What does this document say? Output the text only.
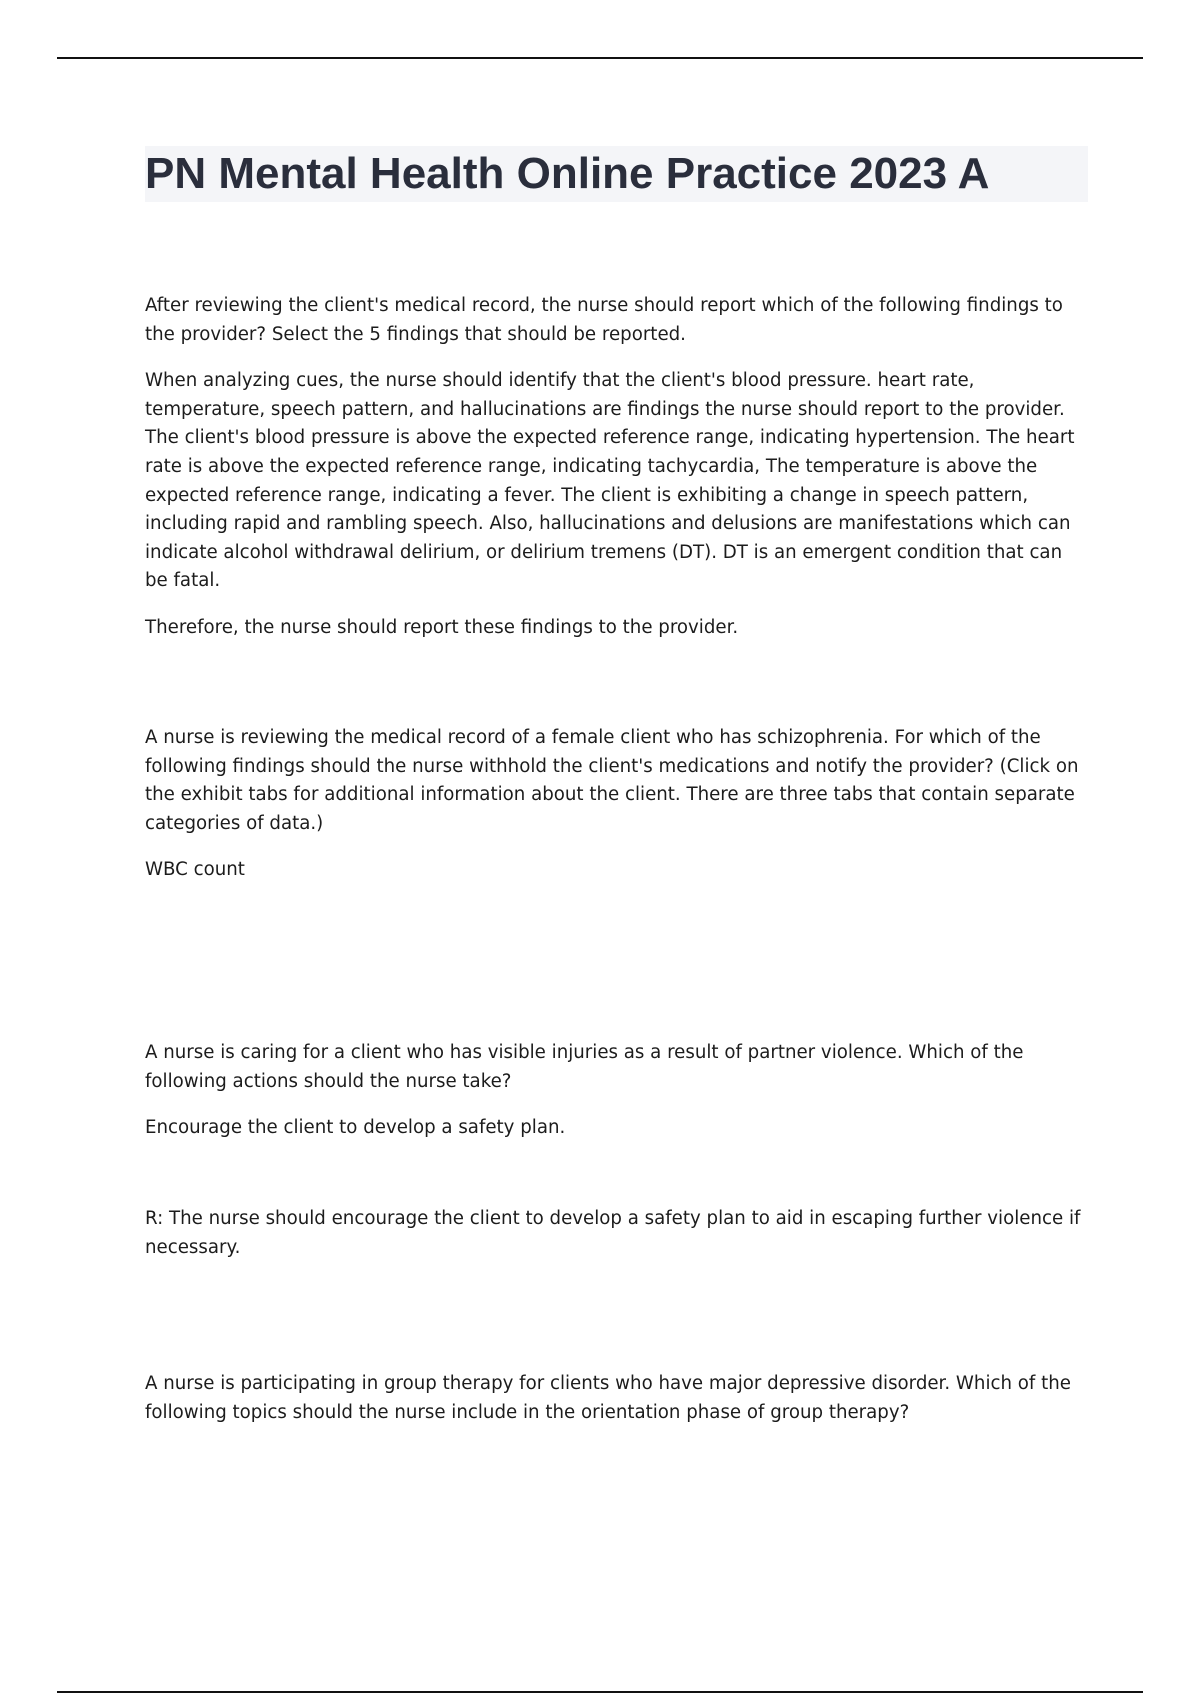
PN Mental Health Online Practice 2023 A

After reviewing the client's medical record, the nurse should report which of the following findings to the provider? Select the 5 findings that should be reported.

When analyzing cues, the nurse should identify that the client's blood pressure. heart rate, temperature, speech pattern, and hallucinations are findings the nurse should report to the provider. The client's blood pressure is above the expected reference range, indicating hypertension. The heart rate is above the expected reference range, indicating tachycardia, The temperature is above the expected reference range, indicating a fever. The client is exhibiting a change in speech pattern, including rapid and rambling speech. Also, hallucinations and delusions are manifestations which can indicate alcohol withdrawal delirium, or delirium tremens (DT). DT is an emergent condition that can be fatal.

Therefore, the nurse should report these findings to the provider.

A nurse is reviewing the medical record of a female client who has schizophrenia. For which of the following findings should the nurse withhold the client's medications and notify the provider? (Click on the exhibit tabs for additional information about the client. There are three tabs that contain separate categories of data.)

WBC count

A nurse is caring for a client who has visible injuries as a result of partner violence. Which of the following actions should the nurse take?

Encourage the client to develop a safety plan.

R: The nurse should encourage the client to develop a safety plan to aid in escaping further violence if necessary.

A nurse is participating in group therapy for clients who have major depressive disorder. Which of the following topics should the nurse include in the orientation phase of group therapy?
